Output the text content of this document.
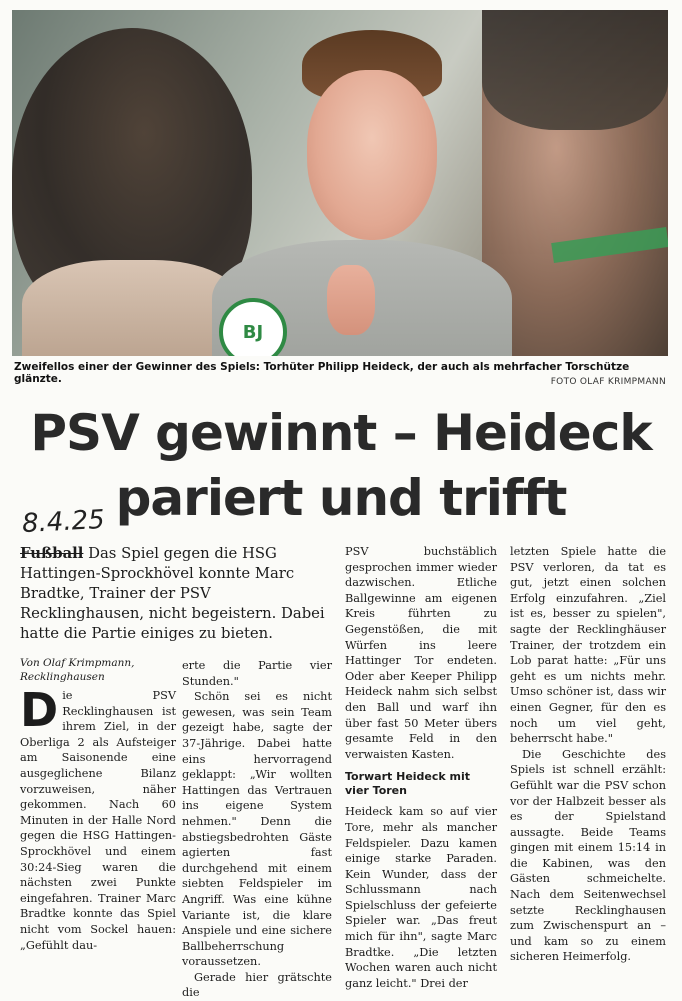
BJ
Zweifellos einer der Gewinner des Spiels: Torhüter Philipp Heideck, der auch als mehrfacher Torschütze glänzte.	FOTO OLAF KRIMPMANN
PSV gewinnt – Heideck
pariert und trifft
8.4.25
Fußball Das Spiel gegen die HSG Hattingen-Sprockhövel konnte Marc Bradtke, Trainer der PSV Recklinghausen, nicht begeistern. Dabei hatte die Partie einiges zu bieten.
Von Olaf Krimpmann, Recklinghausen
Die PSV Recklinghausen ist ihrem Ziel, in der Oberliga 2 als Aufsteiger am Saisonende eine ausgeglichene Bilanz vorzuweisen, näher gekommen. Nach 60 Minuten in der Halle Nord gegen die HSG Hattingen-Sprockhövel und einem 30:24-Sieg waren die nächsten zwei Punkte eingefahren. Trainer Marc Bradtke konnte das Spiel nicht vom Sockel hauen: „Gefühlt dau-

erte die Partie vier Stunden."

Schön sei es nicht gewesen, was sein Team gezeigt habe, sagte der 37-Jährige. Dabei hatte eins hervorragend geklappt: „Wir wollten Hattingen das Vertrauen ins eigene System nehmen." Denn die abstiegsbedrohten Gäste agierten fast durchgehend mit einem siebten Feldspieler im Angriff. Was eine kühne Variante ist, die klare Anspiele und eine sichere Ballbeherrschung voraussetzen.

Gerade hier grätschte die

PSV buchstäblich gesprochen immer wieder dazwischen. Etliche Ballgewinne am eigenen Kreis führten zu Gegenstößen, die mit Würfen ins leere Hattinger Tor endeten. Oder aber Keeper Philipp Heideck nahm sich selbst den Ball und warf ihn über fast 50 Meter übers gesamte Feld in den verwaisten Kasten.

Torwart Heideck mit vier Toren

Heideck kam so auf vier Tore, mehr als mancher Feldspieler. Dazu kamen einige starke Paraden. Kein Wunder, dass der Schlussmann nach Spielschluss der gefeierte Spieler war. „Das freut mich für ihn", sagte Marc Bradtke. „Die letzten Wochen waren auch nicht ganz leicht." Drei der

letzten Spiele hatte die PSV verloren, da tat es gut, jetzt einen solchen Erfolg einzufahren. „Ziel ist es, besser zu spielen", sagte der Recklinghäuser Trainer, der trotzdem ein Lob parat hatte: „Für uns geht es um nichts mehr. Umso schöner ist, dass wir einen Gegner, für den es noch um viel geht, beherrscht habe."

Die Geschichte des Spiels ist schnell erzählt: Gefühlt war die PSV schon vor der Halbzeit besser als es der Spielstand aussagte. Beide Teams gingen mit einem 15:14 in die Kabinen, was den Gästen schmeichelte. Nach dem Seitenwechsel setzte Recklinghausen zum Zwischenspurt an – und kam so zu einem sicheren Heimerfolg.
